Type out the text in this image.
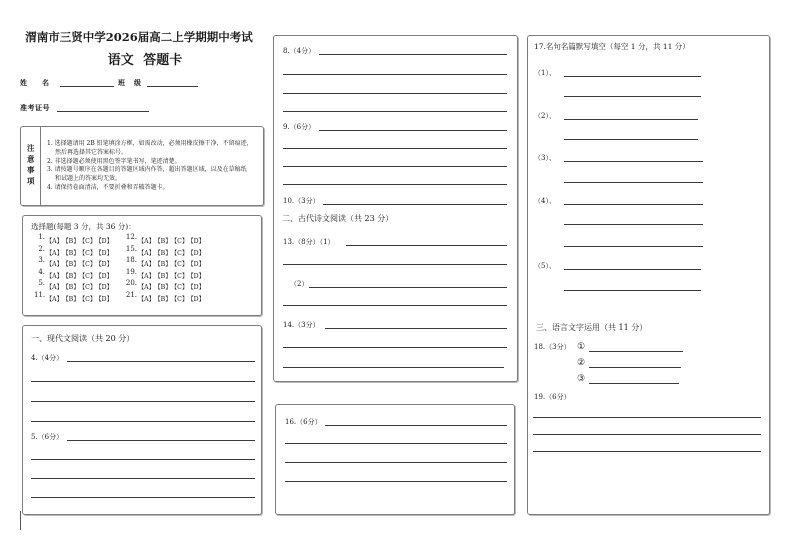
渭南市三贤中学2026届高二上学期期中考试
语文 答题卡
姓　名	班　级
准考证号
注意事项
1. 选择题请用 2B 铅笔填涂方框，如需改动，必须用橡皮擦干净，不留痕迹，
然后再选择其它答案标号。
2. 非选择题必须使用黑色签字笔书写，笔迹清楚。
3. 请按题号顺序在各题目的答题区域内作答，超出答题区域，以及在草稿纸
和试题上的答案均无效。
4. 请保持卷面清洁，不要折叠和弄破答题卡。
选择题(每题 3 分，共 36 分)：
1.
【A】【B】【C】【D】
12.
【A】【B】【C】【D】
2.
【A】【B】【C】【D】
15.
【A】【B】【C】【D】
3.
【A】【B】【C】【D】
18.
【A】【B】【C】【D】
4.
【A】【B】【C】【D】
19.
【A】【B】【C】【D】
5.
【A】【B】【C】【D】
20.
【A】【B】【C】【D】
11.
【A】【B】【C】【D】
21.
【A】【B】【C】【D】
一、现代文阅读（共 20 分）
4.（4分）
5.（6分）
8.（4分）
9.（6分）
10.（3分）
二、古代诗文阅读（共 23 分）
13.（8分）（1）
（2）
14.（3分）
16.（6分）
17.名句名篇默写填空（每空 1 分，共 11 分）
（1）、
（2）、
（3）、
（4）、
（5）、
三、语言文字运用（共 11 分）
18.（3分） ①
②
③
19.（6分）
